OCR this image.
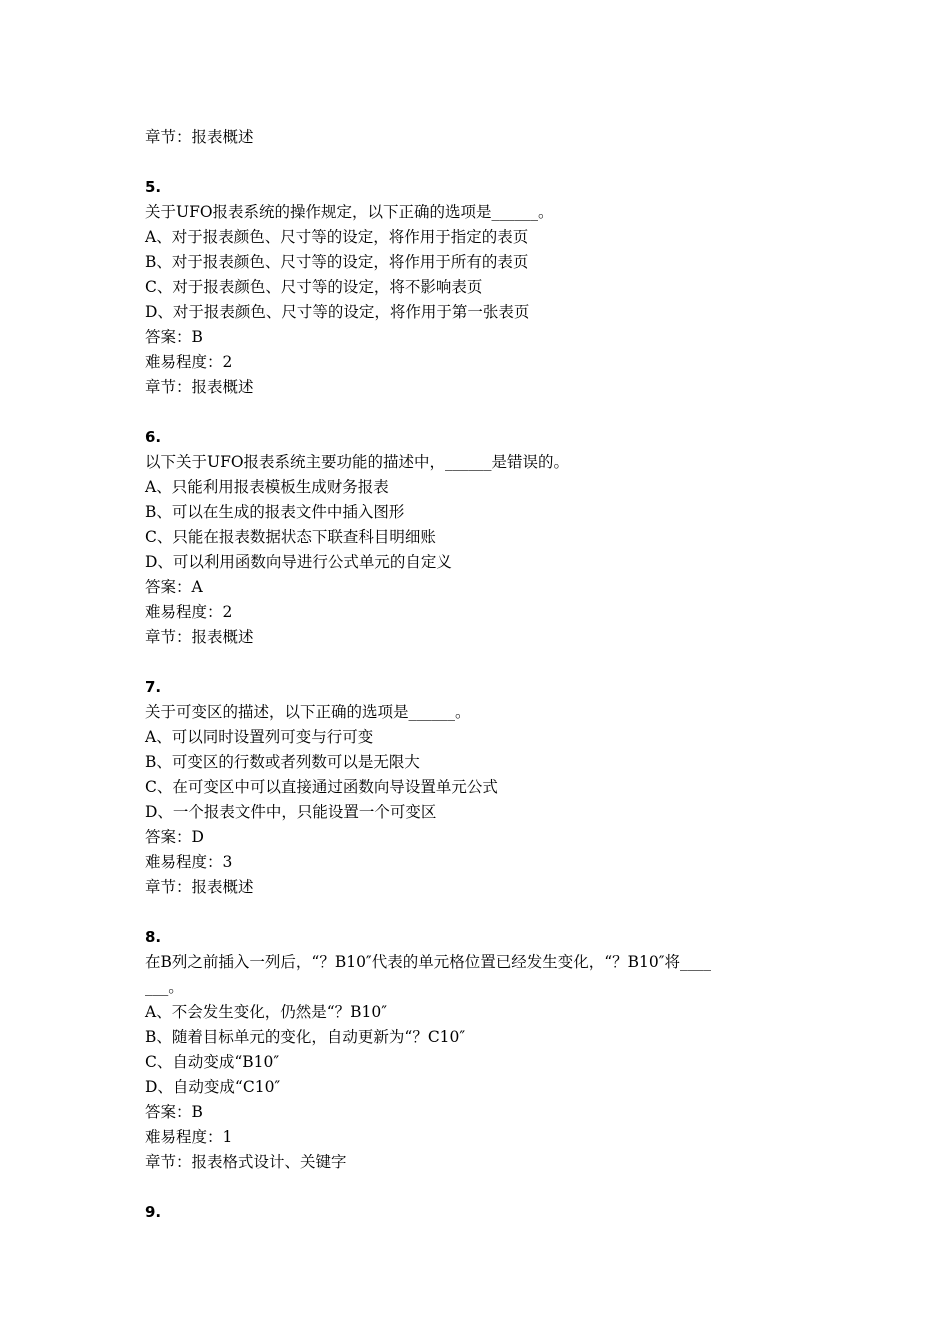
章节：报表概述
5.
关于UFO报表系统的操作规定，以下正确的选项是______。
A、对于报表颜色、尺寸等的设定，将作用于指定的表页
B、对于报表颜色、尺寸等的设定，将作用于所有的表页
C、对于报表颜色、尺寸等的设定，将不影响表页
D、对于报表颜色、尺寸等的设定，将作用于第一张表页
答案：B
难易程度：2
章节：报表概述
6.
以下关于UFO报表系统主要功能的描述中，______是错误的。
A、只能利用报表模板生成财务报表
B、可以在生成的报表文件中插入图形
C、只能在报表数据状态下联查科目明细账
D、可以利用函数向导进行公式单元的自定义
答案：A
难易程度：2
章节：报表概述
7.
关于可变区的描述，以下正确的选项是______。
A、可以同时设置列可变与行可变
B、可变区的行数或者列数可以是无限大
C、在可变区中可以直接通过函数向导设置单元公式
D、一个报表文件中，只能设置一个可变区
答案：D
难易程度：3
章节：报表概述
8.
在B列之前插入一列后，“？B10″代表的单元格位置已经发生变化，“？B10″将____
___。
A、不会发生变化，仍然是“？B10″
B、随着目标单元的变化，自动更新为“？C10″
C、自动变成“B10″
D、自动变成“C10″
答案：B
难易程度：1
章节：报表格式设计、关键字
9.
